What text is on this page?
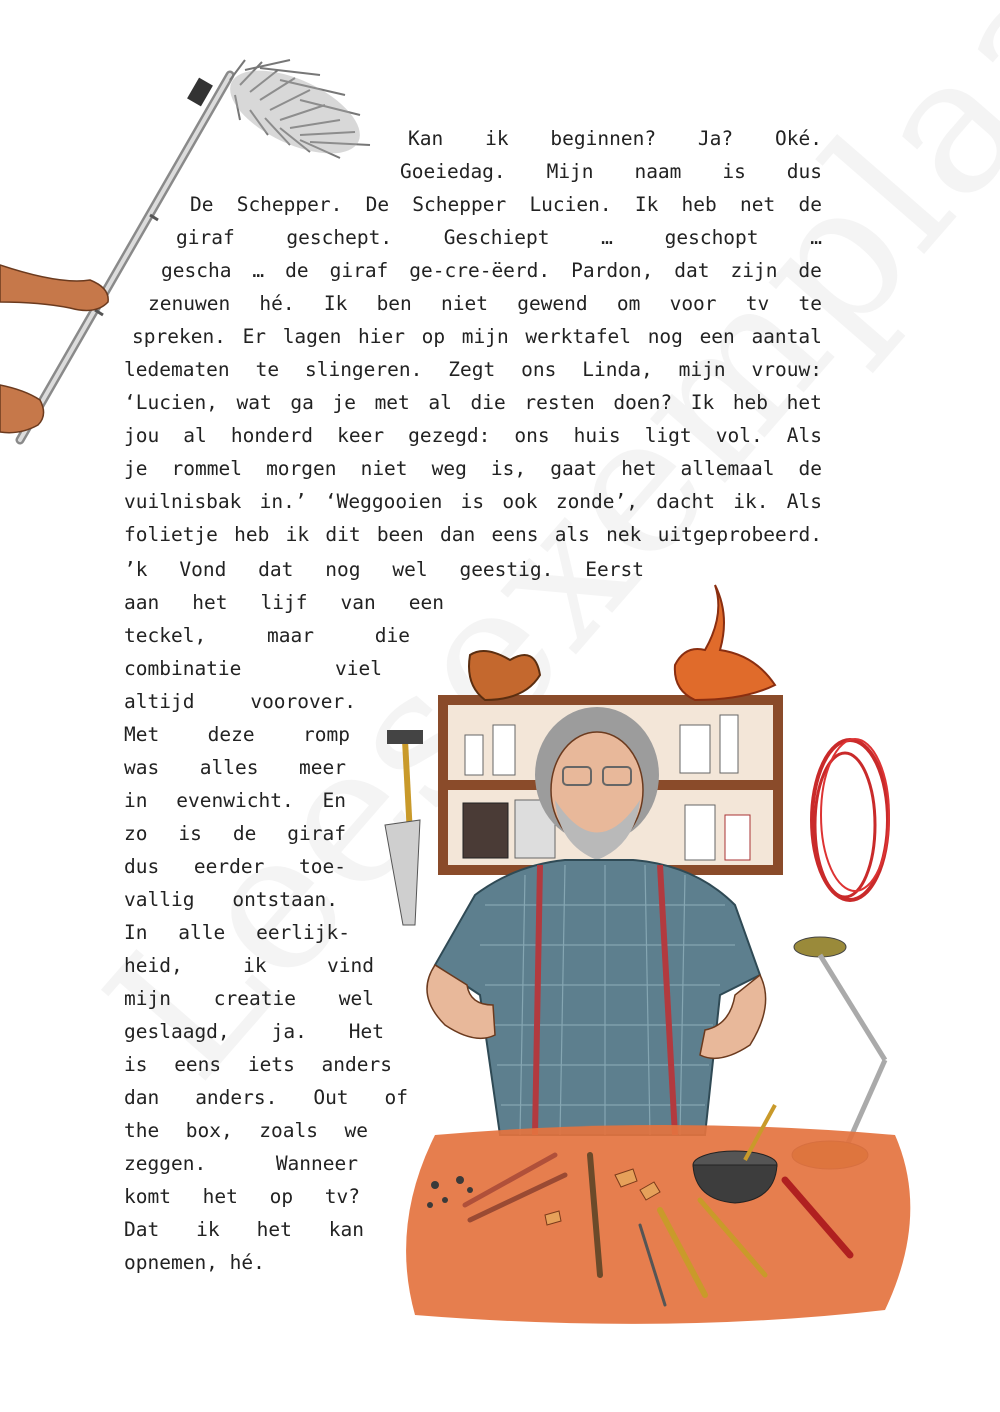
Kan ik beginnen? Ja? Oké.
Goeiedag. Mijn naam is dus
De Schepper. De Schepper Lucien. Ik heb net de
giraf	geschept.	Geschiept	…	geschopt	…
gescha … de giraf ge-cre-ëerd. Pardon, dat zijn de
zenuwen hé. Ik ben niet gewend om voor tv te
spreken. Er lagen hier op mijn werktafel nog een aantal
ledematen te slingeren. Zegt ons Linda, mijn vrouw:
‘Lucien, wat ga je met al die resten doen? Ik heb het
jou al honderd keer gezegd: ons huis ligt vol. Als
je rommel morgen niet weg is, gaat het allemaal de
vuilnisbak in.’ ‘Weggooien is ook zonde’, dacht ik. Als
folietje heb ik dit been dan eens als nek uitgeprobeerd.
’k Vond dat nog wel geestig. Eerst
aan het lijf van een
teckel,	maar	die
combinatie	viel
altijd	voorover.
Met deze romp
was alles meer
in evenwicht. En
zo is de giraf
dus eerder toe-
vallig ontstaan.
In alle eerlijk-
heid,	ik	vind
mijn creatie wel
geslaagd, ja. Het
is eens iets anders
dan anders. Out of
the box, zoals we
zeggen.	Wanneer
komt het op tv?
Dat ik het kan
opnemen, hé.
